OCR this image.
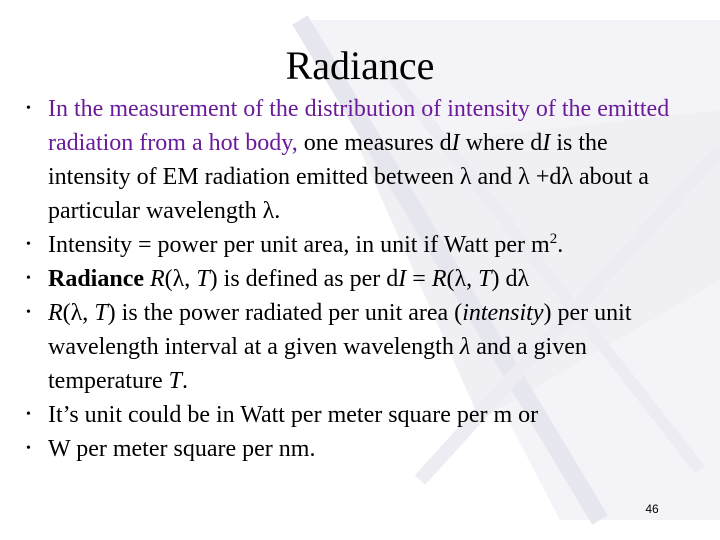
Radiance
• In the measurement of the distribution of intensity of the emitted radiation from a hot body, one measures dI where dI is the intensity of EM radiation emitted between λ and λ +dλ about a particular wavelength λ.
• Intensity = power per unit area, in unit if Watt per $m^2$.
• Radiance R(λ, T) is defined as per dI = R(λ, T) dλ
• R(λ, T) is the power radiated per unit area (intensity) per unit wavelength interval at a given wavelength λ and a given temperature T.
• It’s unit could be in Watt per meter square per m or
• W per meter square per nm.
46
